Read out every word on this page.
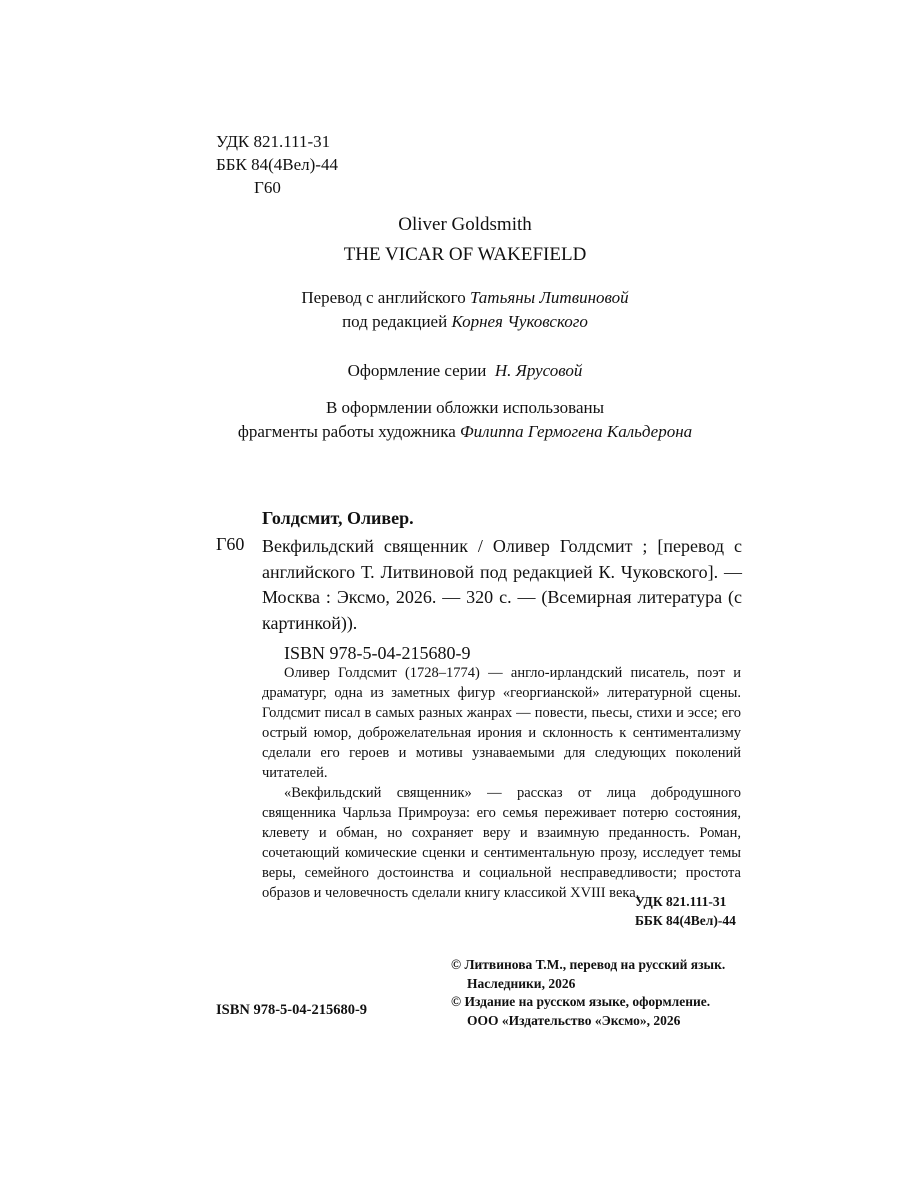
УДК 821.111-31
ББК 84(4Вел)-44
Г60
Oliver Goldsmith
THE VICAR OF WAKEFIELD
Перевод с английского Татьяны Литвиновой
под редакцией Корнея Чуковского
Оформление серии  Н. Ярусовой
В оформлении обложки использованы
фрагменты работы художника Филиппа Гермогена Кальдерона
Голдсмит, Оливер.
Г60 Векфильдский священник / Оливер Голдсмит ; [перевод с английского Т. Литвиновой под редакцией К. Чуковского]. — Москва : Эксмо, 2026. — 320 с. — (Всемирная литература (с картинкой)).
ISBN 978-5-04-215680-9

Оливер Голдсмит (1728–1774) — англо-ирландский писатель, поэт и драматург, одна из заметных фигур «георгианской» литературной сцены. Голдсмит писал в самых разных жанрах — повести, пьесы, стихи и эссе; его острый юмор, доброжелательная ирония и склонность к сентиментализму сделали его героев и мотивы узнаваемыми для следующих поколений читателей.

«Векфильдский священник» — рассказ от лица добродушного священника Чарльза Примроуза: его семья переживает потерю состояния, клевету и обман, но сохраняет веру и взаимную преданность. Роман, сочетающий комические сценки и сентиментальную прозу, исследует темы веры, семейного достоинства и социальной несправедливости; простота образов и человечность сделали книгу классикой XVIII века.

УДК 821.111-31
ББК 84(4Вел)-44
ISBN 978-5-04-215680-9
© Литвинова Т.М., перевод на русский язык.
Наследники, 2026
© Издание на русском языке, оформление.
ООО «Издательство «Эксмо», 2026
